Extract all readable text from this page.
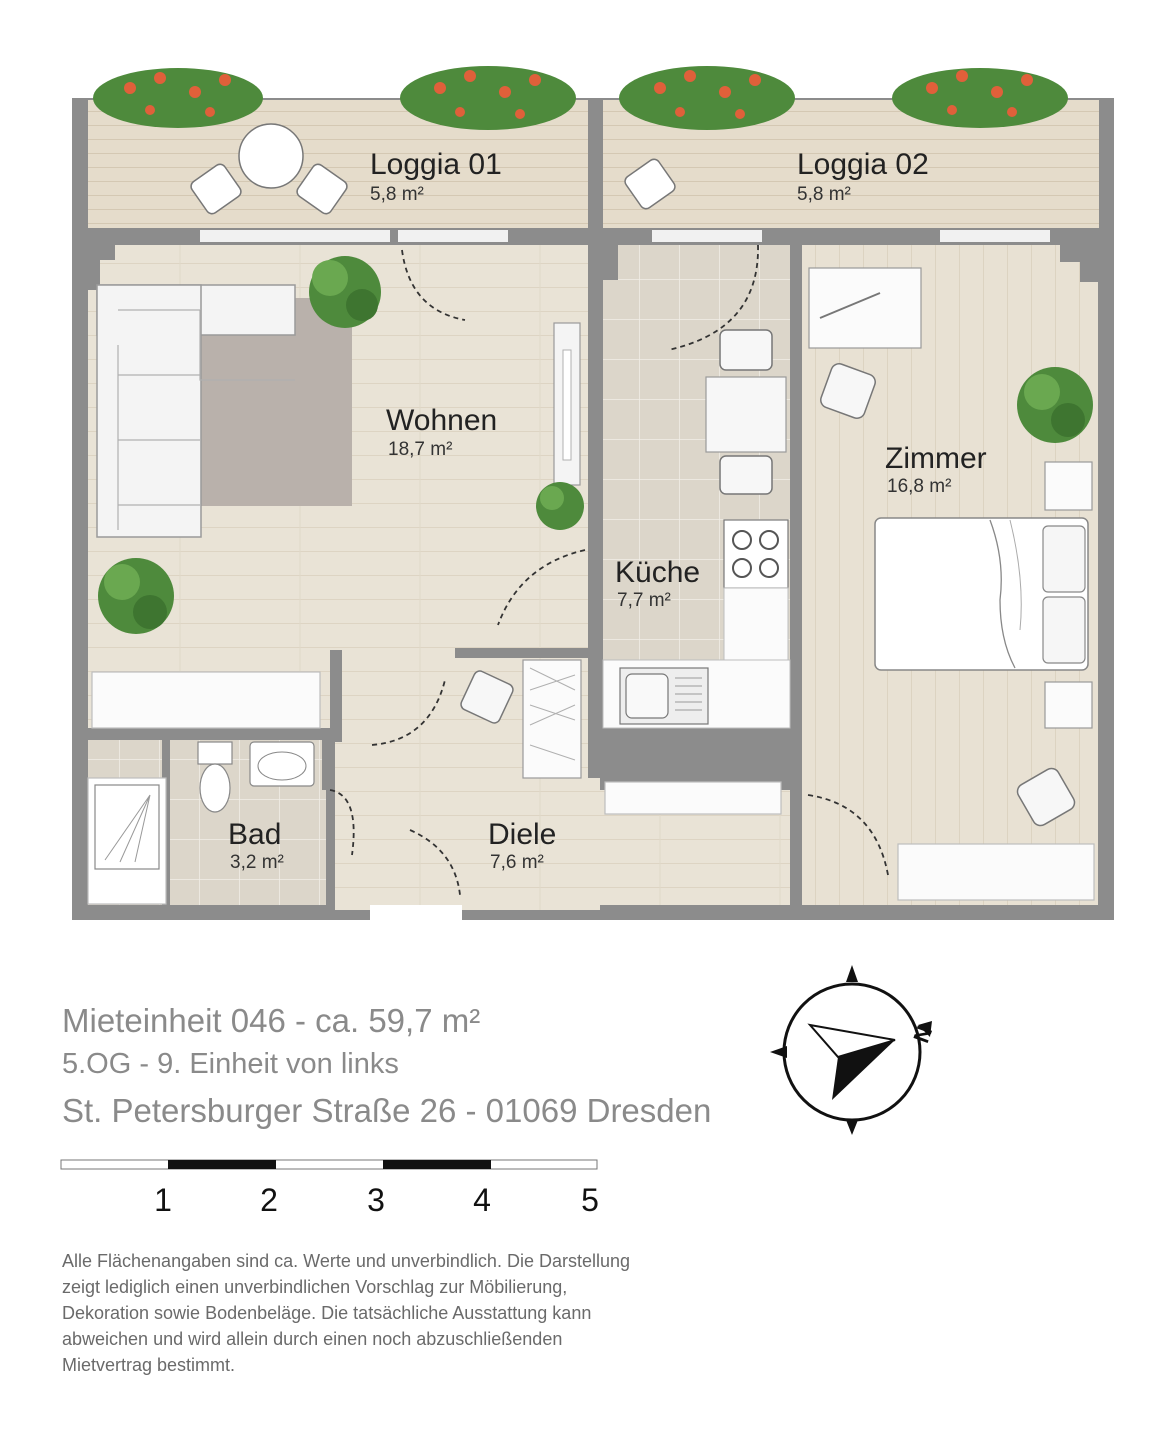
Loggia 01
5,8 m²
Loggia 02
5,8 m²
Wohnen
18,7 m²	Zimmer
16,8 m²
Küche
7,7 m²
Bad
3,2 m²
Diele
7,6 m²
Mieteinheit 046 - ca. 59,7 m²
5.OG - 9. Einheit von links
St. Petersburger Straße 26 - 01069 Dresden
N
1	2	3	4	5
Alle Flächenangaben sind ca. Werte und unverbindlich. Die Darstellung
zeigt lediglich einen unverbindlichen Vorschlag zur Möbilierung,
Dekoration sowie Bodenbeläge. Die tatsächliche Ausstattung kann
abweichen und wird allein durch einen noch abzuschließenden
Mietvertrag bestimmt.
